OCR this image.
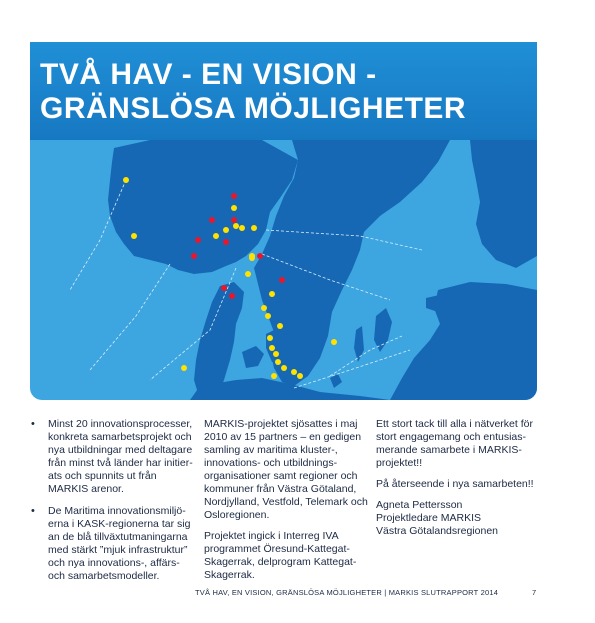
TVÅ HAV - EN VISION -
GRÄNSLÖSA MÖJLIGHETER
• Minst 20 innovationsprocesser, konkreta samarbetsprojekt och nya utbildningar med deltagare från minst två länder har initier-ats och spunnits ut från MARKIS arenor.
• De Maritima innovationsmiljö-erna i KASK-regionerna tar sig an de blå tillväxtutmaningarna med stärkt ”mjuk infrastruktur” och nya innovations-, affärs- och samarbetsmodeller.

MARKIS-projektet sjösattes i maj 2010 av 15 partners – en gedigen samling av maritima kluster-, innovations- och utbildnings-organisationer samt regioner och kommuner från Västra Götaland, Nordjylland, Vestfold, Telemark och Osloregionen.

Projektet ingick i Interreg IVA programmet Öresund-Kattegat-Skagerrak, delprogram Kattegat-Skagerrak.

Ett stort tack till alla i nätverket för stort engagemang och entusias-merande samarbete i MARKIS-projektet!!

På återseende i nya samarbeten!!

Agneta Pettersson
Projektledare MARKIS
Västra Götalandsregionen

TVÅ HAV, EN VISION, GRÄNSLÖSA MÖJLIGHETER | MARKIS SLUTRAPPORT 2014	7
